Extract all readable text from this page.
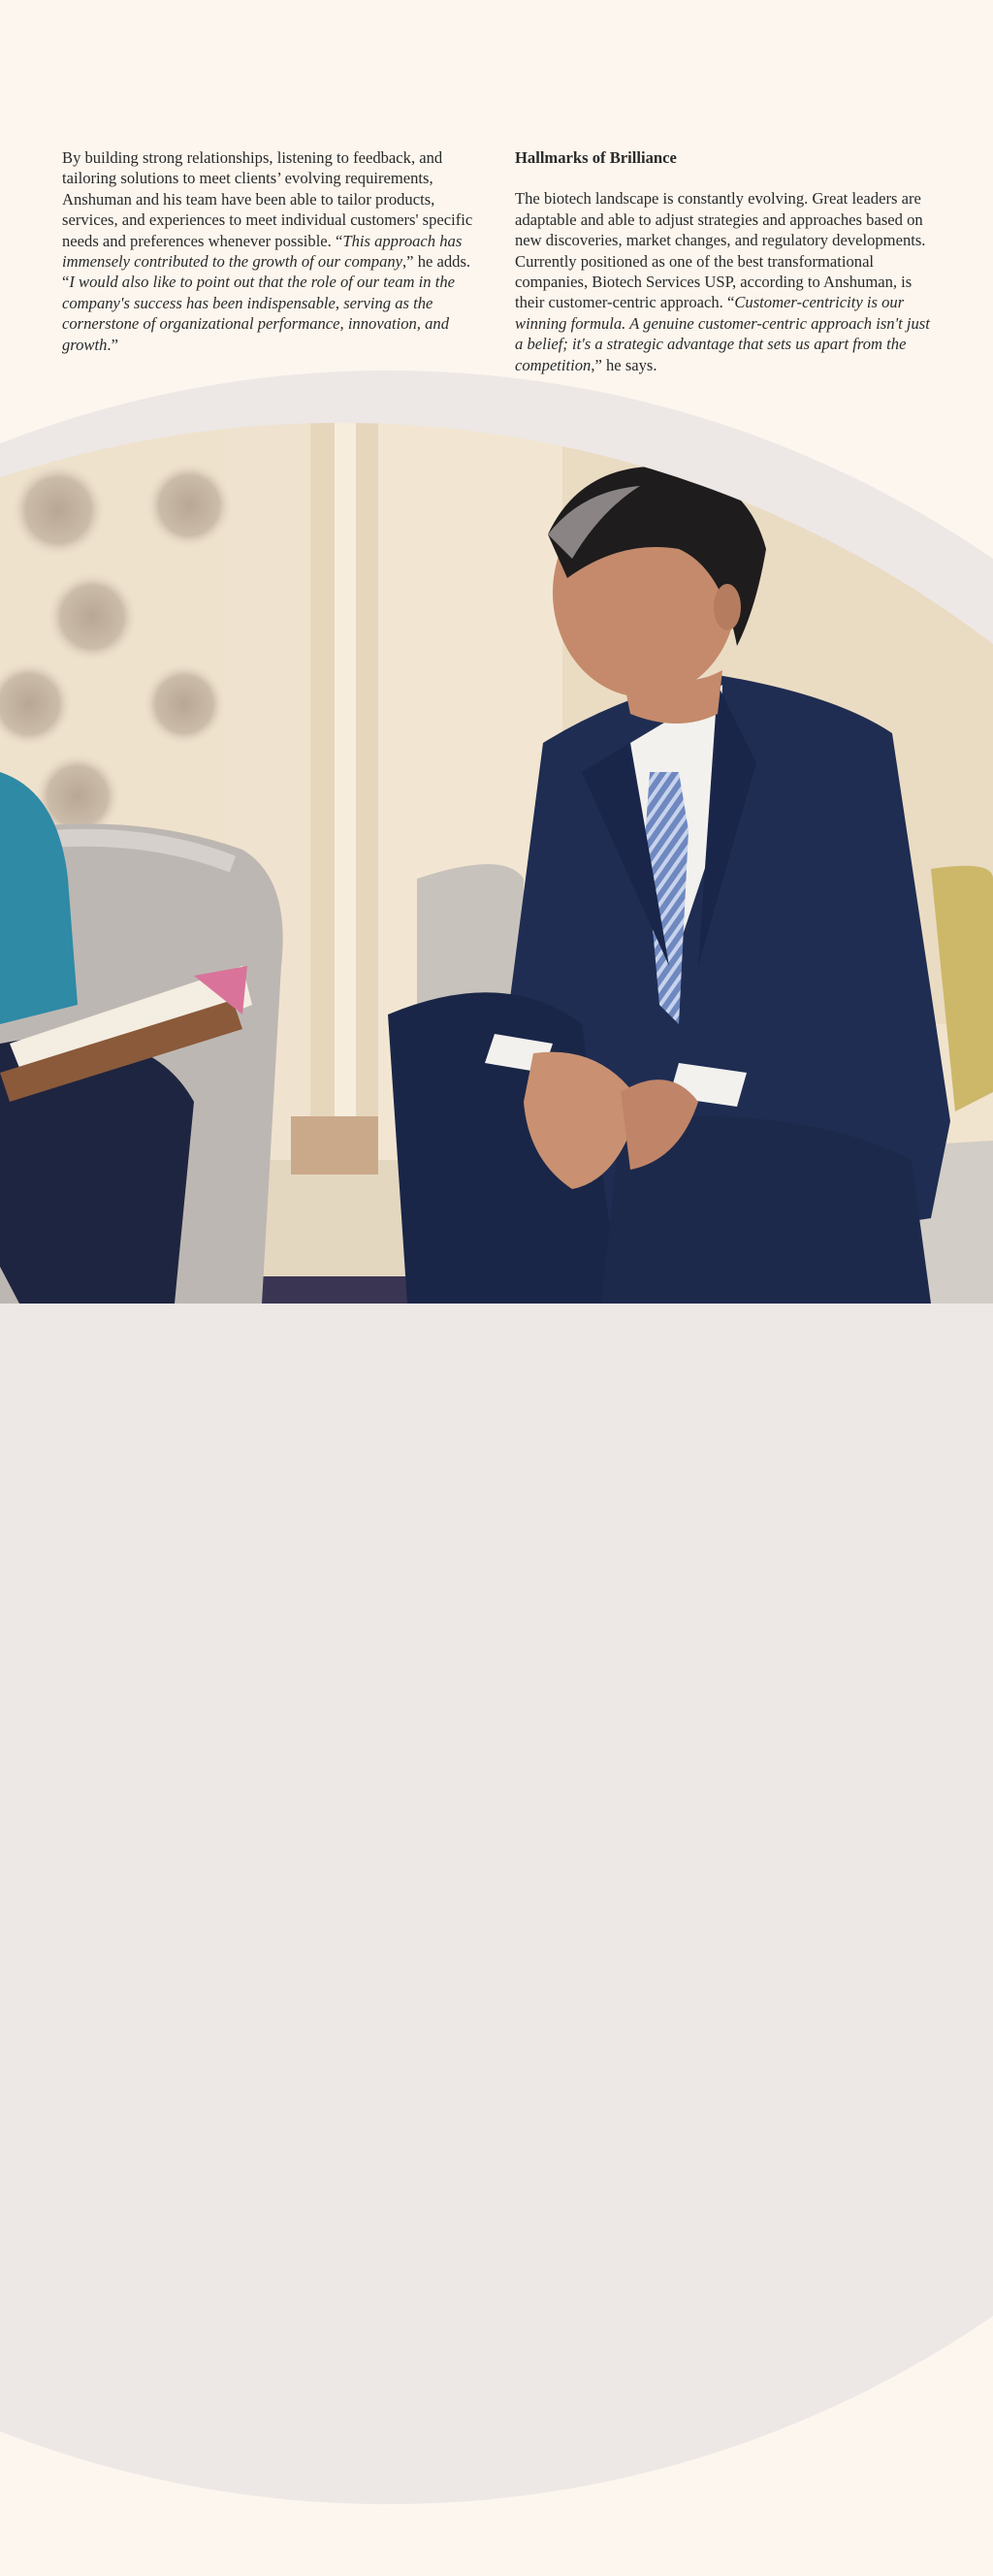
By building strong relationships, listening to feedback, and tailoring solutions to meet clients’ evolving requirements, Anshuman and his team have been able to tailor products, services, and experiences to meet individual customers' specific needs and preferences whenever possible. “This approach has immensely contributed to the growth of our company,” he adds. “I would also like to point out that the role of our team in the company's success has been indispensable, serving as the cornerstone of organizational performance, innovation, and growth.”

Hallmarks of Brilliance

The biotech landscape is constantly evolving. Great leaders are adaptable and able to adjust strategies and approaches based on new discoveries, market changes, and regulatory developments. Currently positioned as one of the best transformational companies, Biotech Services USP, according to Anshuman, is their customer-centric approach. “Customer-centricity is our winning formula. A genuine customer-centric approach isn't just a belief; it's a strategic advantage that sets us apart from the competition,” he says.
